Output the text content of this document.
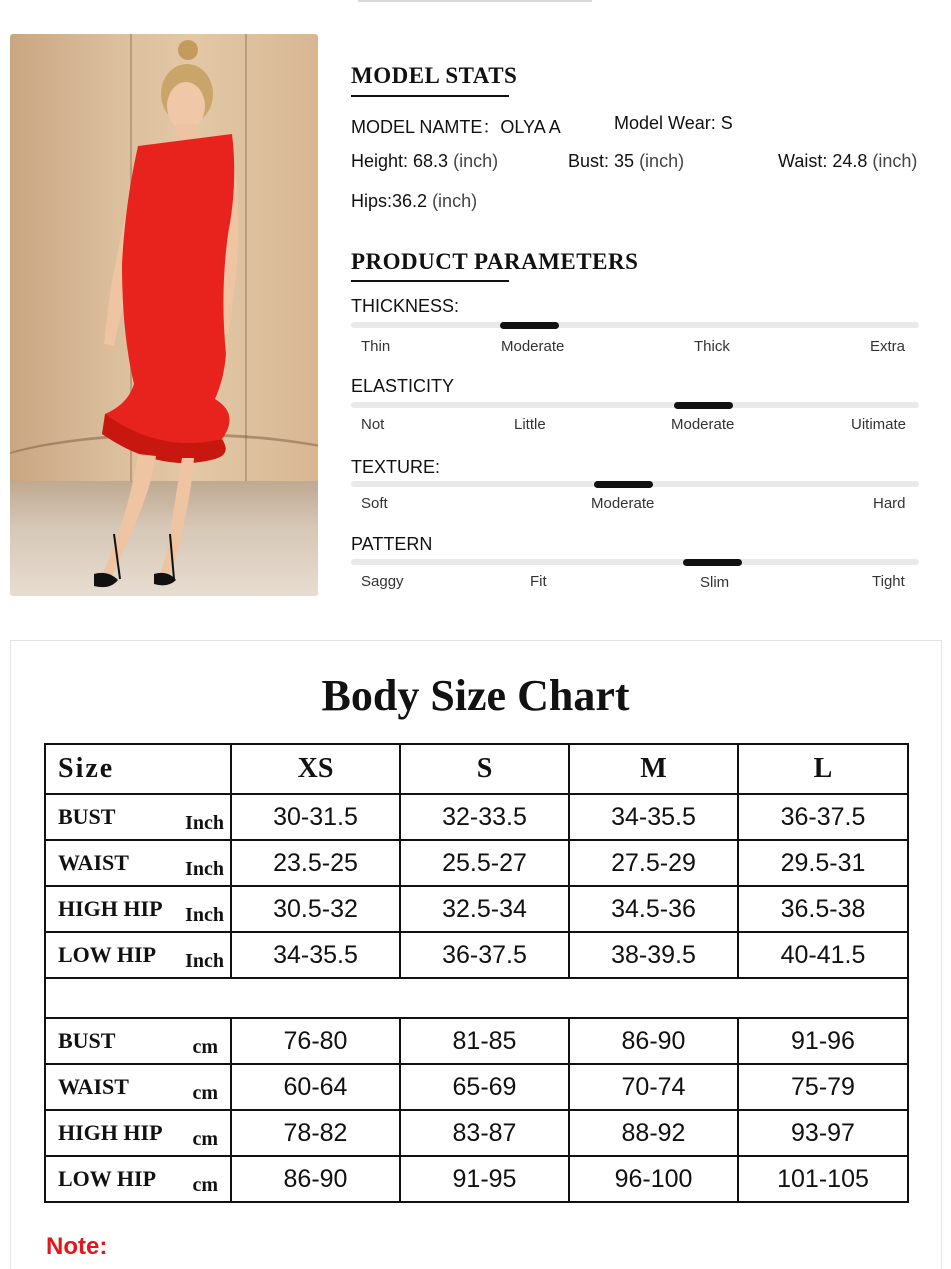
MODEL STATS
MODEL NAMTE：OLYA A	Model Wear: S
Height: 68.3 (inch)	Bust: 35 (inch)	Waist: 24.8 (inch)
Hips:36.2 (inch)
PRODUCT PARAMETERS
THICKNESS:
Thin	Moderate	Thick	Extra
ELASTICITY
Not	Little	Moderate	Uitimate
TEXTURE:
Soft	Moderate	Hard
PATTERN
Saggy	Fit	Slim	Tight
Body Size Chart
Size	XS	S	M	L
BUST Inch	30-31.5	32-33.5	34-35.5	36-37.5
WAIST Inch	23.5-25	25.5-27	27.5-29	29.5-31
HIGH HIP Inch	30.5-32	32.5-34	34.5-36	36.5-38
LOW HIP Inch	34-35.5	36-37.5	38-39.5	40-41.5

BUST cm	76-80	81-85	86-90	91-96
WAIST cm	60-64	65-69	70-74	75-79
HIGH HIP cm	78-82	83-87	88-92	93-97
LOW HIP cm	86-90	91-95	96-100	101-105
Note:
